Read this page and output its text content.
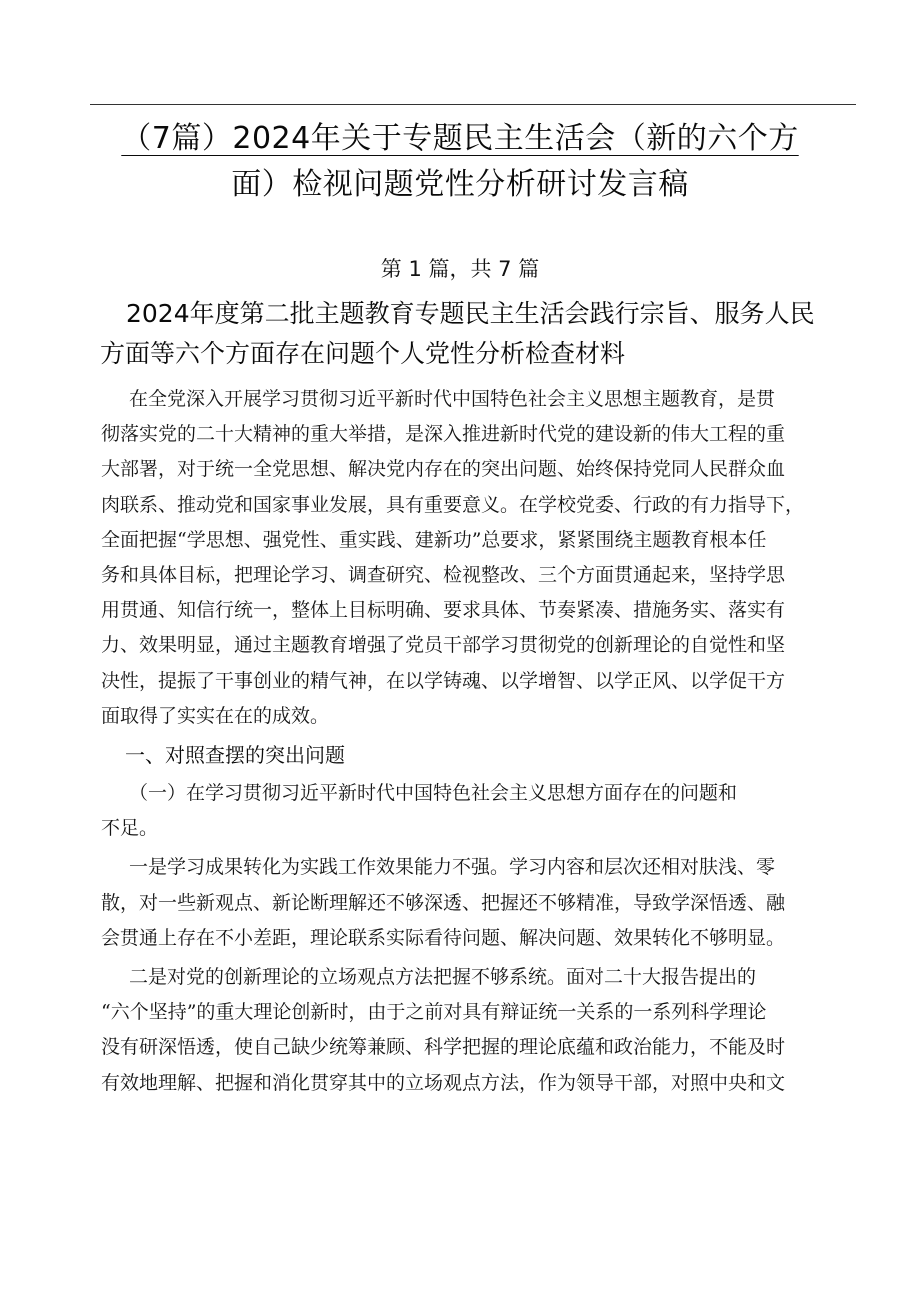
（7篇）2024年关于专题民主生活会（新的六个方
面）检视问题党性分析研讨发言稿
第 1 篇，共 7 篇
2024年度第二批主题教育专题民主生活会践行宗旨、服务人民
方面等六个方面存在问题个人党性分析检查材料

在全党深入开展学习贯彻习近平新时代中国特色社会主义思想主题教育，是贯
彻落实党的二十大精神的重大举措，是深入推进新时代党的建设新的伟大工程的重
大部署，对于统一全党思想、解决党内存在的突出问题、始终保持党同人民群众血
肉联系、推动党和国家事业发展，具有重要意义。在学校党委、行政的有力指导下，
全面把握“学思想、强党性、重实践、建新功”总要求，紧紧围绕主题教育根本任
务和具体目标，把理论学习、调查研究、检视整改、三个方面贯通起来，坚持学思
用贯通、知信行统一，整体上目标明确、要求具体、节奏紧凑、措施务实、落实有
力、效果明显，通过主题教育增强了党员干部学习贯彻党的创新理论的自觉性和坚
决性，提振了干事创业的精气神，在以学铸魂、以学增智、以学正风、以学促干方
面取得了实实在在的成效。

一、对照查摆的突出问题

（一）在学习贯彻习近平新时代中国特色社会主义思想方面存在的问题和
不足。

一是学习成果转化为实践工作效果能力不强。学习内容和层次还相对肤浅、零
散，对一些新观点、新论断理解还不够深透、把握还不够精准，导致学深悟透、融
会贯通上存在不小差距，理论联系实际看待问题、解决问题、效果转化不够明显。

二是对党的创新理论的立场观点方法把握不够系统。面对二十大报告提出的
“六个坚持”的重大理论创新时，由于之前对具有辩证统一关系的一系列科学理论
没有研深悟透，使自己缺少统筹兼顾、科学把握的理论底蕴和政治能力，不能及时
有效地理解、把握和消化贯穿其中的立场观点方法，作为领导干部，对照中央和文
